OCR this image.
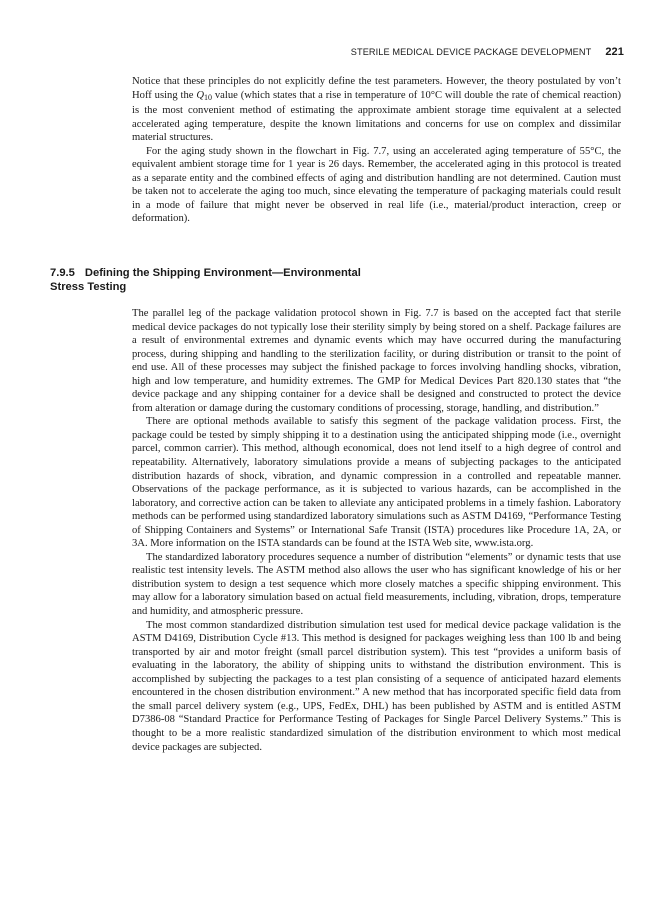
STERILE MEDICAL DEVICE PACKAGE DEVELOPMENT 221

Notice that these principles do not explicitly define the test parameters. However, the theory postulated by von’t Hoff using the $Q_{10}$ value (which states that a rise in temperature of 10°C will double the rate of chemical reaction) is the most convenient method of estimating the approximate ambient storage time equivalent at a selected accelerated aging temperature, despite the known limitations and concerns for use on complex and dissimilar material structures.

For the aging study shown in the flowchart in Fig. 7.7, using an accelerated aging temperature of 55°C, the equivalent ambient storage time for 1 year is 26 days. Remember, the accelerated aging in this protocol is treated as a separate entity and the combined effects of aging and distribution handling are not determined. Caution must be taken not to accelerate the aging too much, since elevating the temperature of packaging materials could result in a mode of failure that might never be observed in real life (i.e., material/product interaction, creep or deformation).

7.9.5 Defining the Shipping Environment—Environmental
Stress Testing

The parallel leg of the package validation protocol shown in Fig. 7.7 is based on the accepted fact that sterile medical device packages do not typically lose their sterility simply by being stored on a shelf. Package failures are a result of environmental extremes and dynamic events which may have occurred during the manufacturing process, during shipping and handling to the sterilization facility, or during distribution or transit to the point of end use. All of these processes may subject the finished package to forces involving handling shocks, vibration, high and low temperature, and humidity extremes. The GMP for Medical Devices Part 820.130 states that “the device package and any shipping container for a device shall be designed and constructed to protect the device from alteration or damage during the customary conditions of processing, storage, handling, and distribution.”

There are optional methods available to satisfy this segment of the package validation process. First, the package could be tested by simply shipping it to a destination using the anticipated shipping mode (i.e., overnight parcel, common carrier). This method, although economical, does not lend itself to a high degree of control and repeatability. Alternatively, laboratory simulations provide a means of subjecting packages to the anticipated distribution hazards of shock, vibration, and dynamic compression in a controlled and repeatable manner. Observations of the package performance, as it is subjected to various hazards, can be accomplished in the laboratory, and corrective action can be taken to alleviate any anticipated problems in a timely fashion. Laboratory methods can be performed using standardized laboratory simulations such as ASTM D4169, “Performance Testing of Shipping Containers and Systems” or International Safe Transit (ISTA) procedures like Procedure 1A, 2A, or 3A. More information on the ISTA standards can be found at the ISTA Web site, www.ista.org.

The standardized laboratory procedures sequence a number of distribution “elements” or dynamic tests that use realistic test intensity levels. The ASTM method also allows the user who has significant knowledge of his or her distribution system to design a test sequence which more closely matches a specific shipping environment. This may allow for a laboratory simulation based on actual field measurements, including, vibration, drops, temperature and humidity, and atmospheric pressure.

The most common standardized distribution simulation test used for medical device package validation is the ASTM D4169, Distribution Cycle #13. This method is designed for packages weighing less than 100 lb and being transported by air and motor freight (small parcel distribution system). This test “provides a uniform basis of evaluating in the laboratory, the ability of shipping units to withstand the distribution environment. This is accomplished by subjecting the packages to a test plan consisting of a sequence of anticipated hazard elements encountered in the chosen distribution environment.” A new method that has incorporated specific field data from the small parcel delivery system (e.g., UPS, FedEx, DHL) has been published by ASTM and is entitled ASTM D7386-08 “Standard Practice for Performance Testing of Packages for Single Parcel Delivery Systems.” This is thought to be a more realistic standardized simulation of the distribution environment to which most medical device packages are subjected.
